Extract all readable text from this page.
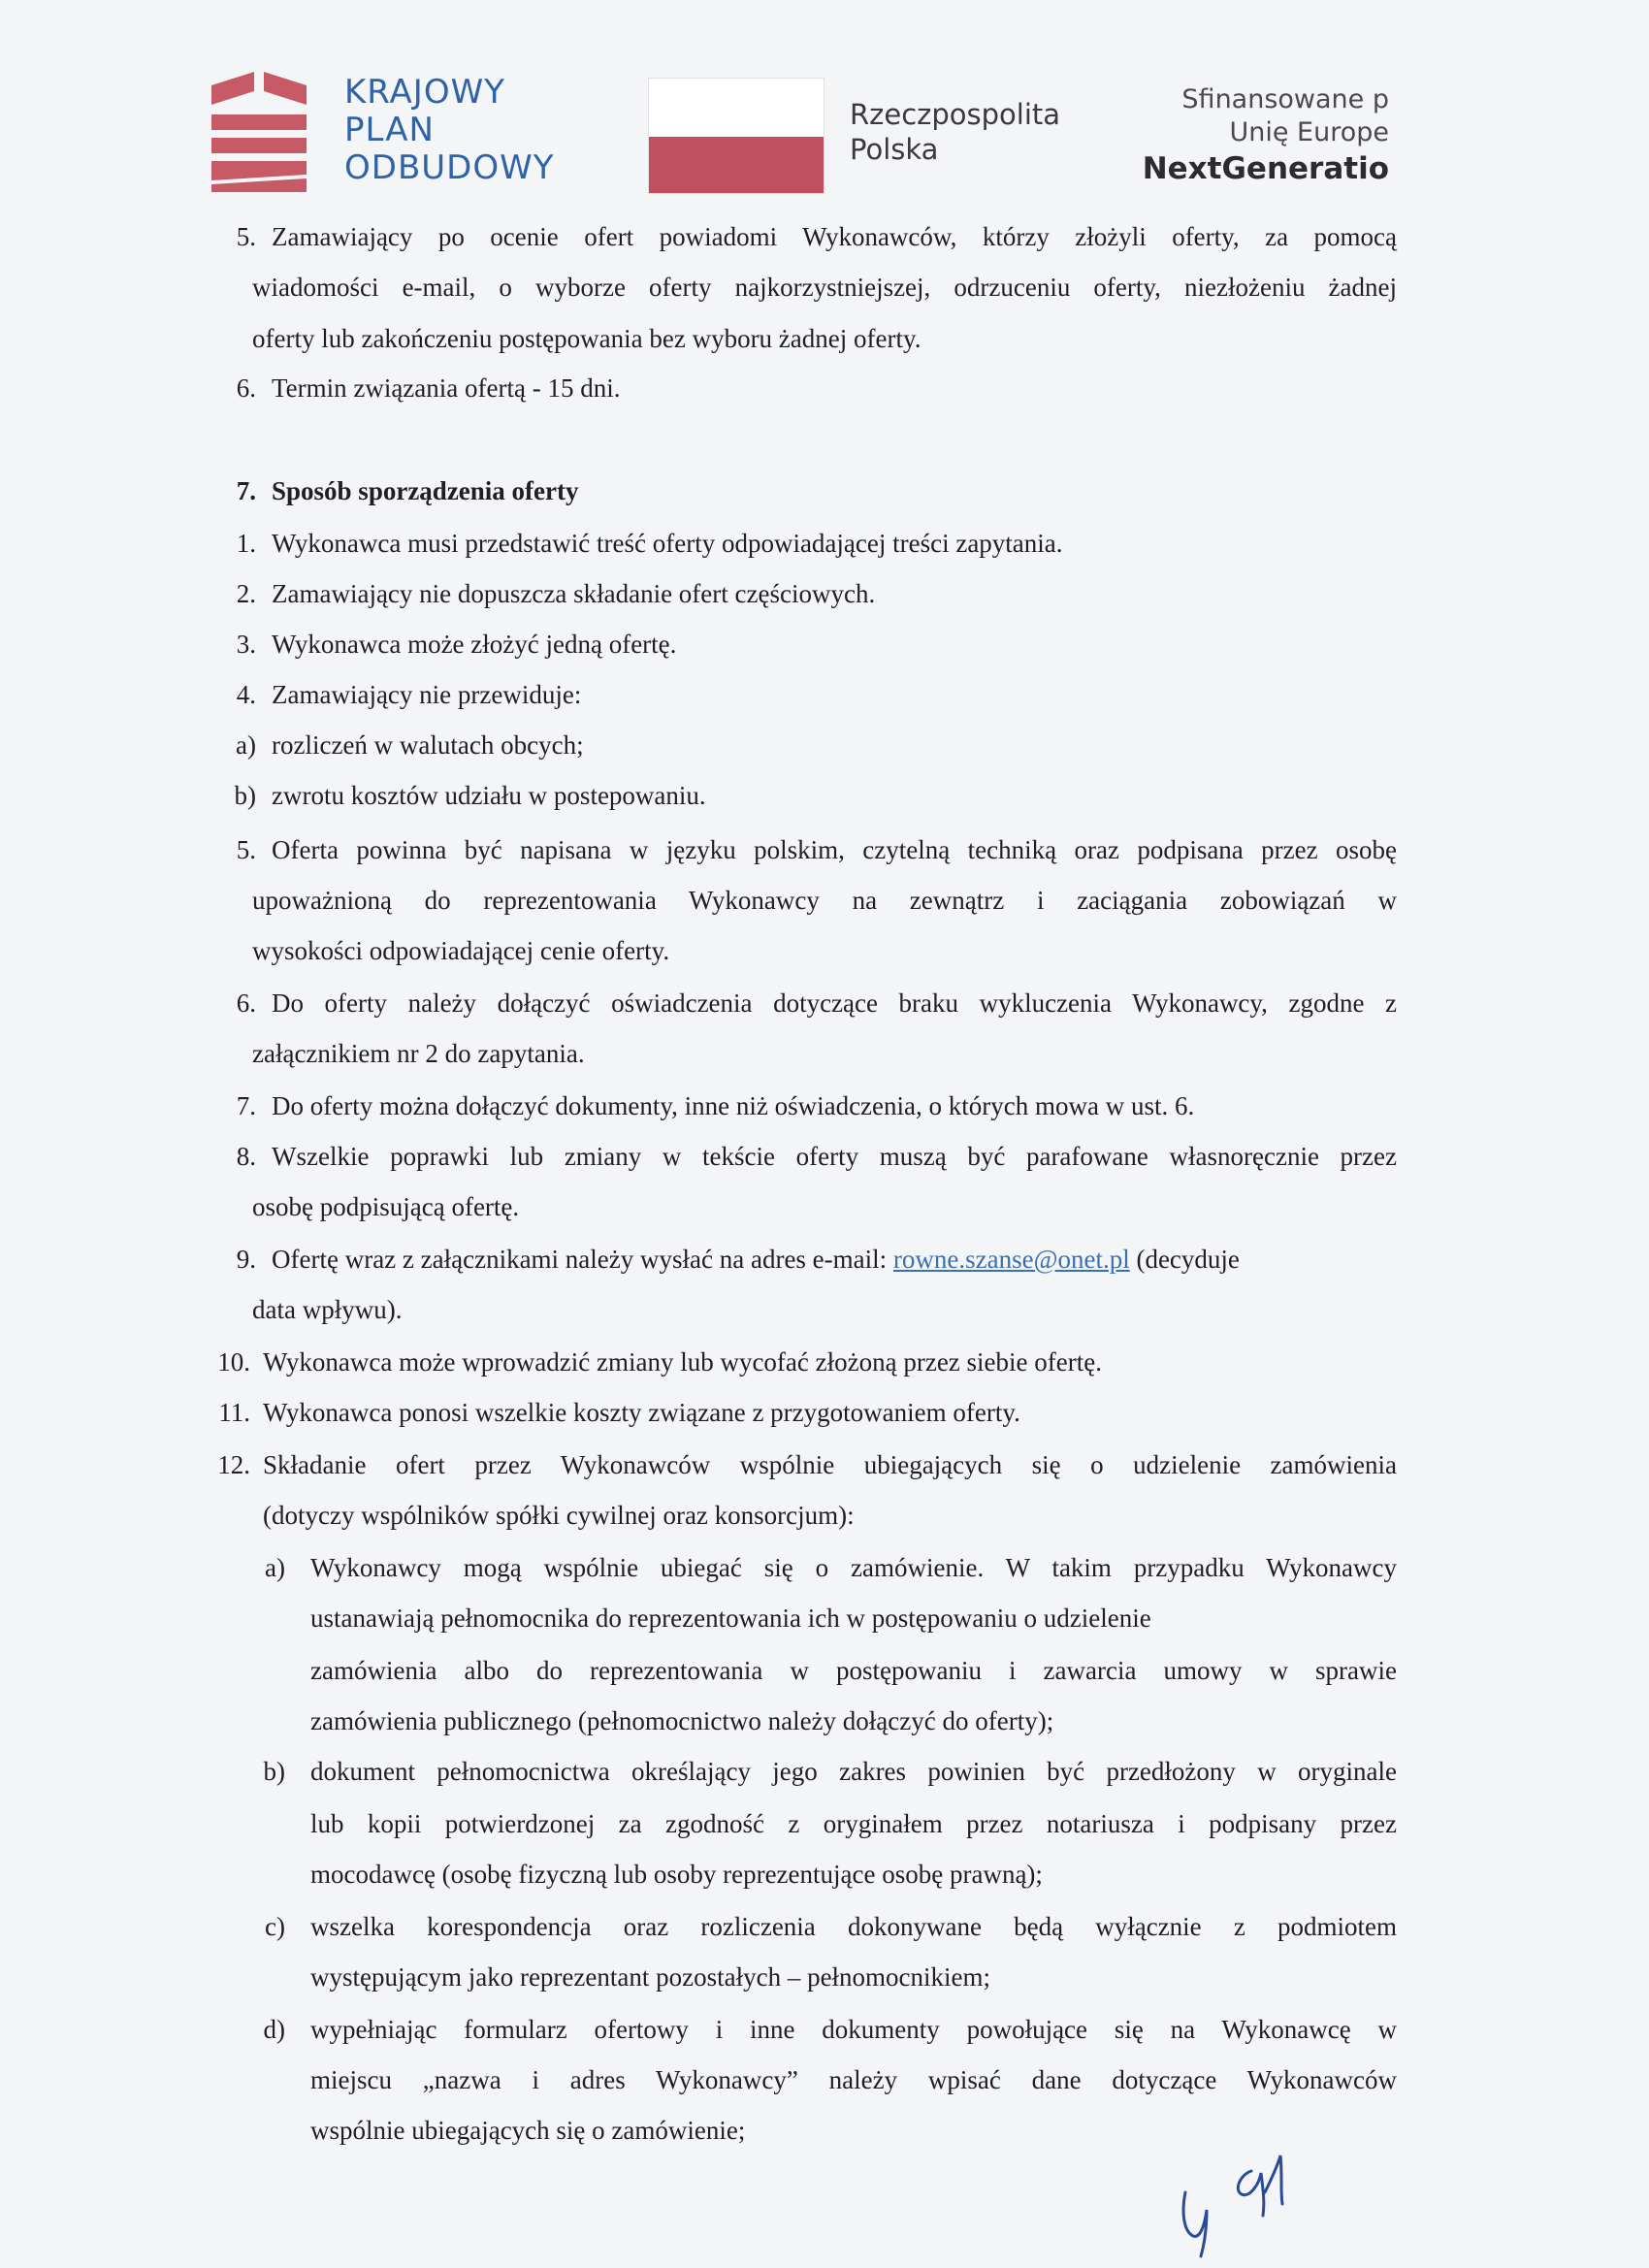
KRAJOWY
PLAN
ODBUDOWY
Rzeczpospolita
Polska
Sfinansowane p
Unię Europe
NextGeneratio
5. Zamawiający po ocenie ofert powiadomi Wykonawców, którzy złożyli oferty, za pomocą
wiadomości e-mail, o wyborze oferty najkorzystniejszej, odrzuceniu oferty, niezłożeniu żadnej
oferty lub zakończeniu postępowania bez wyboru żadnej oferty.
6. Termin związania ofertą - 15 dni.
7. Sposób sporządzenia oferty
1. Wykonawca musi przedstawić treść oferty odpowiadającej treści zapytania.
2. Zamawiający nie dopuszcza składanie ofert częściowych.
3. Wykonawca może złożyć jedną ofertę.
4. Zamawiający nie przewiduje:
a) rozliczeń w walutach obcych;
b) zwrotu kosztów udziału w postepowaniu.
5. Oferta powinna być napisana w języku polskim, czytelną techniką oraz podpisana przez osobę
upoważnioną do reprezentowania Wykonawcy na zewnątrz i zaciągania zobowiązań w
wysokości odpowiadającej cenie oferty.
6. Do oferty należy dołączyć oświadczenia dotyczące braku wykluczenia Wykonawcy, zgodne z
załącznikiem nr 2 do zapytania.
7. Do oferty można dołączyć dokumenty, inne niż oświadczenia, o których mowa w ust. 6.
8. Wszelkie poprawki lub zmiany w tekście oferty muszą być parafowane własnoręcznie przez
osobę podpisującą ofertę.
9. Ofertę wraz z załącznikami należy wysłać na adres e-mail: rowne.szanse@onet.pl (decyduje
data wpływu).
10. Wykonawca może wprowadzić zmiany lub wycofać złożoną przez siebie ofertę.
11. Wykonawca ponosi wszelkie koszty związane z przygotowaniem oferty.
12. Składanie ofert przez Wykonawców wspólnie ubiegających się o udzielenie zamówienia
(dotyczy wspólników spółki cywilnej oraz konsorcjum):
a) Wykonawcy mogą wspólnie ubiegać się o zamówienie. W takim przypadku Wykonawcy
ustanawiają pełnomocnika do reprezentowania ich w postępowaniu o udzielenie
zamówienia albo do reprezentowania w postępowaniu i zawarcia umowy w sprawie
zamówienia publicznego (pełnomocnictwo należy dołączyć do oferty);
b) dokument pełnomocnictwa określający jego zakres powinien być przedłożony w oryginale
lub kopii potwierdzonej za zgodność z oryginałem przez notariusza i podpisany przez
mocodawcę (osobę fizyczną lub osoby reprezentujące osobę prawną);
c) wszelka korespondencja oraz rozliczenia dokonywane będą wyłącznie z podmiotem
występującym jako reprezentant pozostałych – pełnomocnikiem;
d) wypełniając formularz ofertowy i inne dokumenty powołujące się na Wykonawcę w
miejscu „nazwa i adres Wykonawcy” należy wpisać dane dotyczące Wykonawców
wspólnie ubiegających się o zamówienie;
